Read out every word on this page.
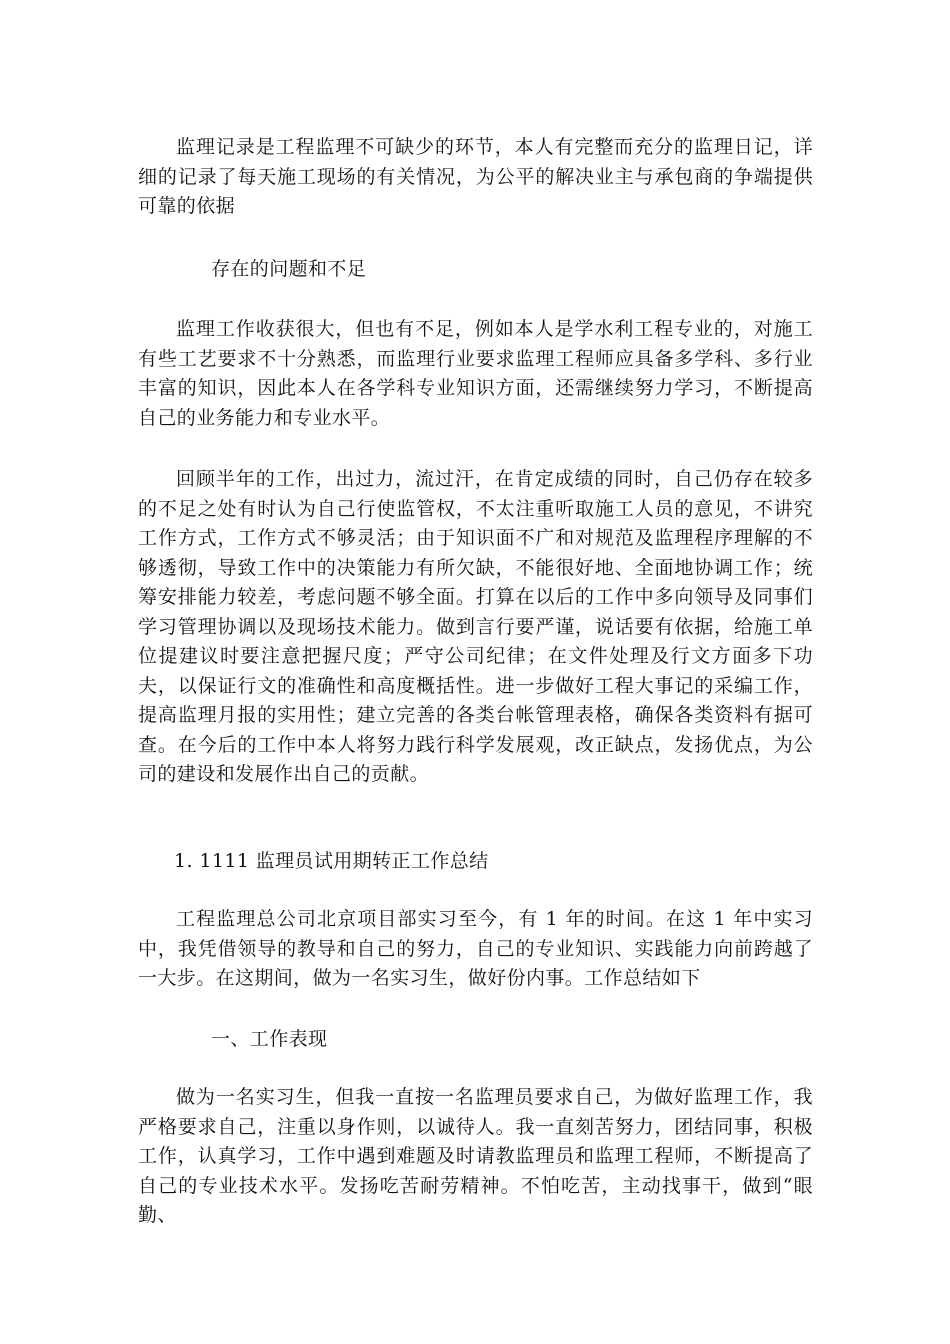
监理记录是工程监理不可缺少的环节，本人有完整而充分的监理日记，详细的记录了每天施工现场的有关情况，为公平的解决业主与承包商的争端提供可靠的依据

存在的问题和不足

监理工作收获很大，但也有不足，例如本人是学水利工程专业的，对施工有些工艺要求不十分熟悉，而监理行业要求监理工程师应具备多学科、多行业丰富的知识，因此本人在各学科专业知识方面，还需继续努力学习，不断提高自己的业务能力和专业水平。

回顾半年的工作，出过力，流过汗，在肯定成绩的同时，自己仍存在较多的不足之处有时认为自己行使监管权，不太注重听取施工人员的意见，不讲究工作方式，工作方式不够灵活；由于知识面不广和对规范及监理程序理解的不够透彻，导致工作中的决策能力有所欠缺，不能很好地、全面地协调工作；统筹安排能力较差，考虑问题不够全面。打算在以后的工作中多向领导及同事们学习管理协调以及现场技术能力。做到言行要严谨，说话要有依据，给施工单位提建议时要注意把握尺度；严守公司纪律；在文件处理及行文方面多下功夫，以保证行文的准确性和高度概括性。进一步做好工程大事记的采编工作，提高监理月报的实用性；建立完善的各类台帐管理表格，确保各类资料有据可查。在今后的工作中本人将努力践行科学发展观，改正缺点，发扬优点，为公司的建设和发展作出自己的贡献。

1. 1111 监理员试用期转正工作总结

工程监理总公司北京项目部实习至今，有 1 年的时间。在这 1 年中实习中，我凭借领导的教导和自己的努力，自己的专业知识、实践能力向前跨越了一大步。在这期间，做为一名实习生，做好份内事。工作总结如下

一、工作表现

做为一名实习生，但我一直按一名监理员要求自己，为做好监理工作，我严格要求自己，注重以身作则，以诚待人。我一直刻苦努力，团结同事，积极工作，认真学习，工作中遇到难题及时请教监理员和监理工程师，不断提高了自己的专业技术水平。发扬吃苦耐劳精神。不怕吃苦，主动找事干，做到“眼勤、
